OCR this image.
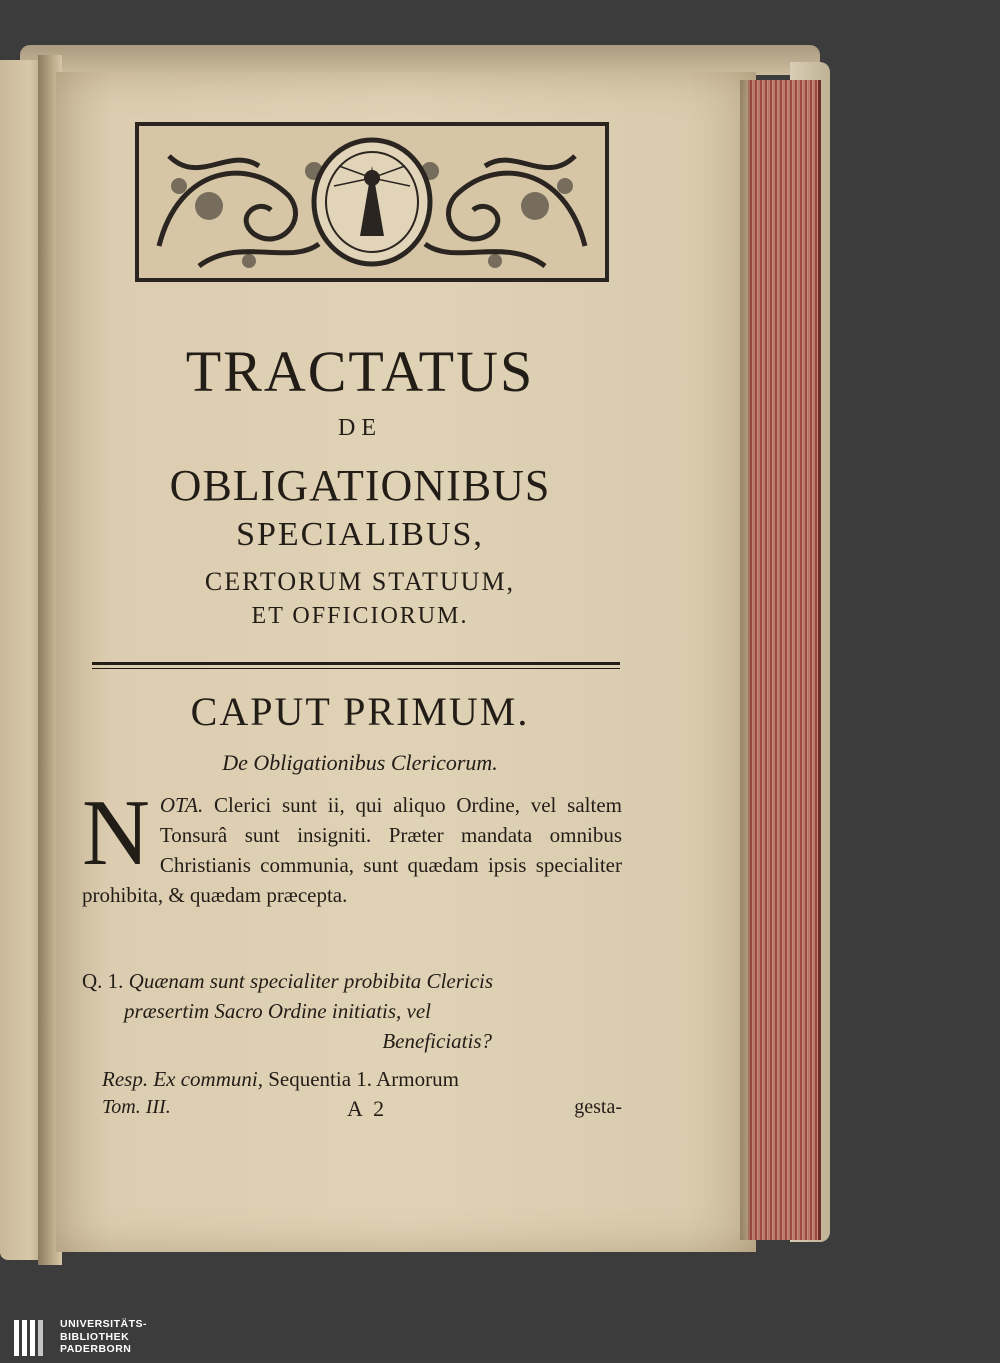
TRACTATUS
DE
OBLIGATIONIBUS
SPECIALIBUS,
CERTORUM STATUUM,
ET OFFICIORUM.
CAPUT PRIMUM.
De Obligationibus Clericorum.
NOTA. Clerici sunt ii, qui aliquo Ordine, vel saltem Tonsurâ sunt insigniti. Præter mandata omnibus Christianis communia, sunt quædam ipsis specialiter prohibita, & quædam præcepta.
Q. 1. Quænam sunt specialiter probibita Clericis
præsertim Sacro Ordine initiatis, vel
Beneficiatis?
Resp. Ex communi, Sequentia 1. Armorum
Tom. III.	A 2	gesta-
UNIVERSITÄTS-
BIBLIOTHEK
PADERBORN
